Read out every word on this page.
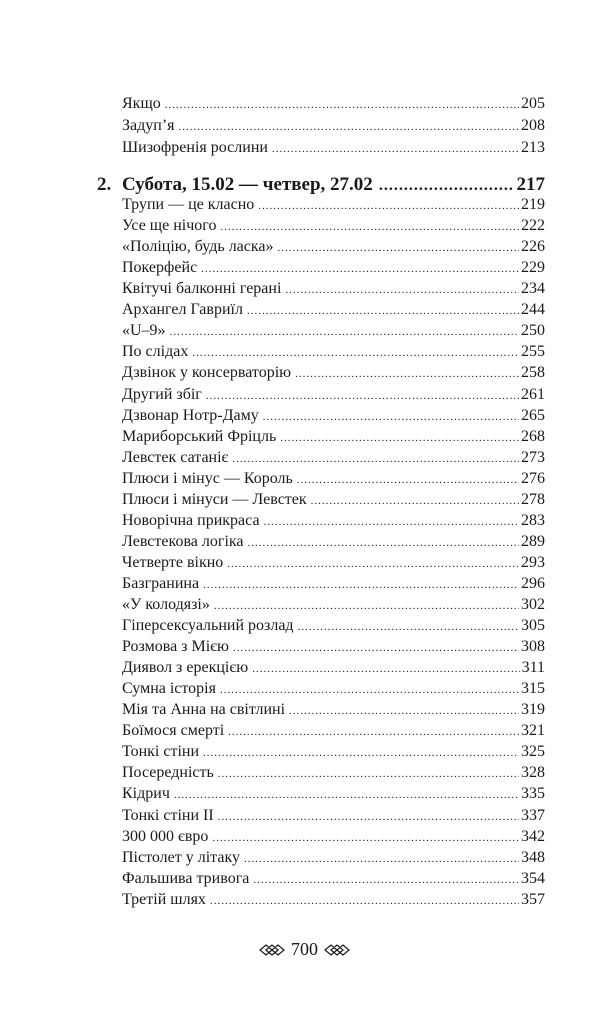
Якщо .....	205
Задуп’я .....	208
Шизофренія рослини .....	213
2. Субота, 15.02 — четвер, 27.02 .....	217
Трупи — це класно .....	219
Усе ще нічого .....	222
«Поліцію, будь ласка» .....	226
Покерфейс .....	229
Квітучі балконні герані .....	234
Архангел Гавриїл .....	244
«U–9» .....	250
По слідах .....	255
Дзвінок у консерваторію .....	258
Другий збіг .....	261
Дзвонар Нотр-Даму .....	265
Мариборський Фріцль .....	268
Левстек сатаніє .....	273
Плюси і мінус — Король .....	276
Плюси і мінуси — Левстек .....	278
Новорічна прикраса .....	283
Левстекова логіка .....	289
Четверте вікно .....	293
Базгранина .....	296
«У колодязі» .....	302
Гіперсексуальний розлад .....	305
Розмова з Мією .....	308
Диявол з ерекцією .....	311
Сумна історія .....	315
Мія та Анна на світлині .....	319
Боїмося смерті .....	321
Тонкі стіни .....	325
Посередність .....	328
Кідрич .....	335
Тонкі стіни II .....	337
300 000 євро .....	342
Пістолет у літаку .....	348
Фальшива тривога .....	354
Третій шлях .....	357
700
